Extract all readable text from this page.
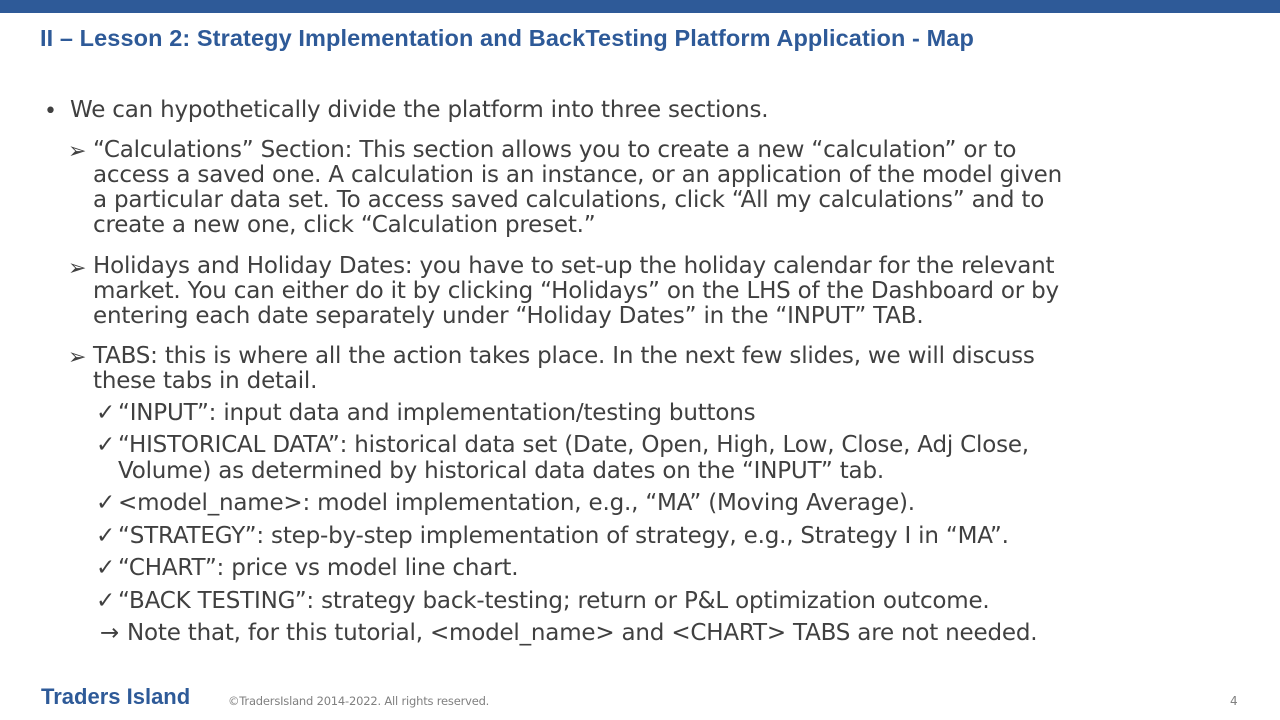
II – Lesson 2: Strategy Implementation and BackTesting Platform Application - Map
• We can hypothetically divide the platform into three sections.
➢ “Calculations” Section: This section allows you to create a new “calculation” or to
access a saved one. A calculation is an instance, or an application of the model given
a particular data set. To access saved calculations, click “All my calculations” and to
create a new one, click “Calculation preset.”
➢ Holidays and Holiday Dates: you have to set-up the holiday calendar for the relevant
market. You can either do it by clicking “Holidays” on the LHS of the Dashboard or by
entering each date separately under “Holiday Dates” in the “INPUT” TAB.
➢ TABS: this is where all the action takes place. In the next few slides, we will discuss
these tabs in detail.
✓ “INPUT”: input data and implementation/testing buttons
✓ “HISTORICAL DATA”: historical data set (Date, Open, High, Low, Close, Adj Close,
Volume) as determined by historical data dates on the “INPUT” tab.
✓ <model_name>: model implementation, e.g., “MA” (Moving Average).
✓ “STRATEGY”: step-by-step implementation of strategy, e.g., Strategy I in “MA”.
✓ “CHART”: price vs model line chart.
✓ “BACK TESTING”: strategy back-testing; return or P&L optimization outcome.
→ Note that, for this tutorial, <model_name> and <CHART> TABS are not needed.
Traders Island	©TradersIsland 2014-2022. All rights reserved.	4
